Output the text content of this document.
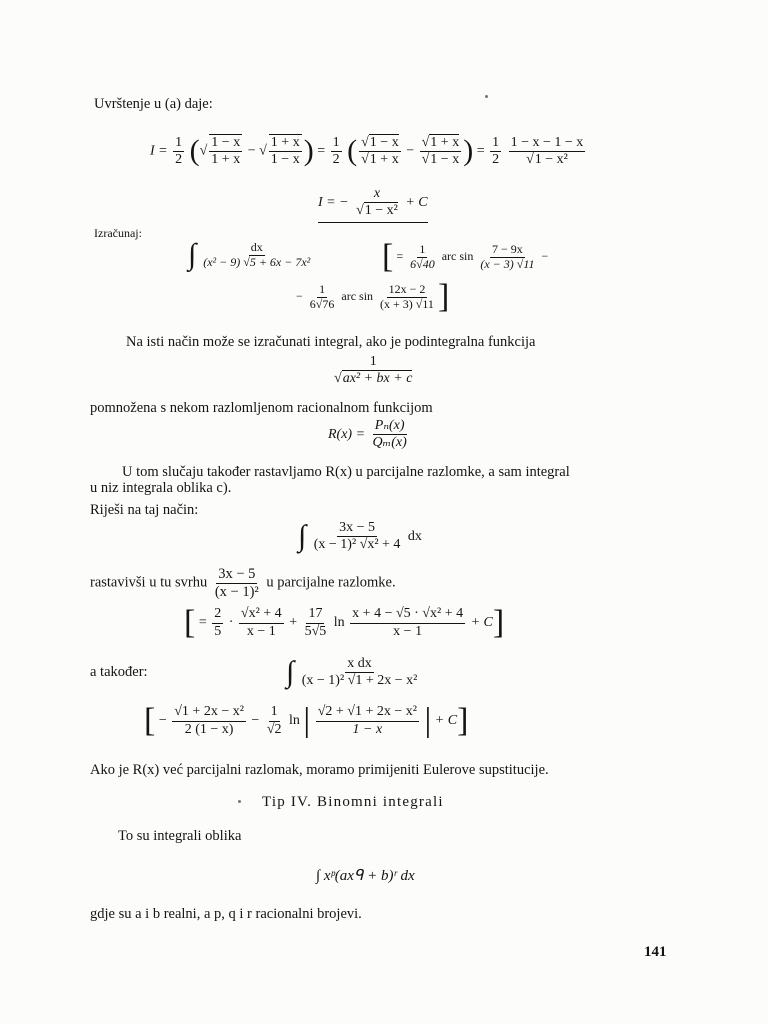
Uvrštenje u (a) daje:
$I = \frac{1}{2}$ (√ $\frac{1 - x}{1 + x}$ − √ $\frac{1 + x}{1 - x}$ ) = $\frac{1}{2}$ ( $\frac{√1 - x}{√1 + x} - \frac{√1 + x}{√1 - x}$ ) = $\frac{1}{2}$
$\frac{1 - x - 1 - x}{\text{√1 − x²}}$
I = − $\frac{x}{\text{√1 − x²}} + C$
Izračunaj:
∫ $\frac{dx}{\text{(x² − 9) √5 + 6x − 7x²}}$ [ = $\frac{1}{6√40}$ arc $\sin \frac{7 - 9x}{(x - 3) √11}$ −
− $\frac{1}{6√76}$ arc $\sin \frac{12x - 2}{(x + 3) √11}$ ]
Na isti način može se izračunati integral, ako je podintegralna funkcija
$\frac{1}{\text{√ax² + bx + c}}$
pomnožena s nekom razlomljenom racionalnom funkcijom
$R(x) = \frac{\text{Pₙ(x)}}{\text{Qₘ(x)}}$
U tom slučaju također rastavljamo R(x) u parcijalne razlomke, a sam integral
u niz integrala oblika c).
Riješi na taj način:
∫ $\frac{3x - 5}{\text{(x − 1)² √x² + 4}}$ dx
rastavivši u tu svrhu $\frac{3x - 5}{\text{(x − 1)²}}$ u parcijalne razlomke.
[ = $\frac{2}{5} \cdot \frac{\text{√x² + 4}}{x - 1} + \frac{17}{5√5}$ $\ln \frac{\text{x + 4 − √5 · √x² + 4}}{x - 1} + C$]
a također:	∫ $\frac{\text{x dx}}{\text{(x − 1)² √1 + 2x − x²}}$
[ − $\frac{\text{√1 + 2x − x²}}{2 (1 - x)} - \frac{1}{√2}$ ln | $\frac{\text{√2 + √1 + 2x − x²}}{1 - x}$ | + C]
Ako je R(x) već parcijalni razlomak, moramo primijeniti Eulerove supstitucije.
Tip IV. Binomni integrali
To su integrali oblika
∫ xᵖ(axᑫ + b)ʳ dx
gdje su a i b realni, a p, q i r racionalni brojevi.
141
